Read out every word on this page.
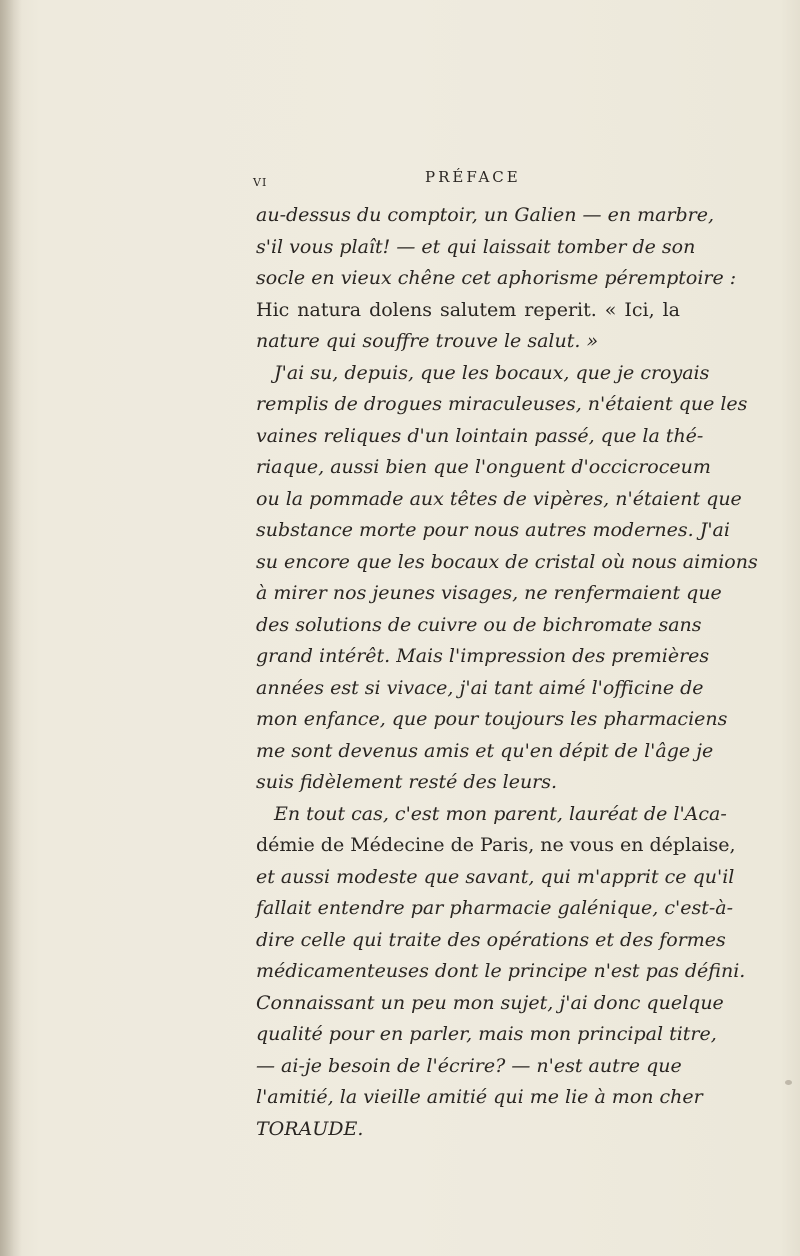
VI	PRÉFACE
au-dessus du comptoir, un Galien — en marbre,
s'il vous plaît! — et qui laissait tomber de son
socle en vieux chêne cet aphorisme péremptoire :
Hic natura dolens salutem reperit. « Ici, la
nature qui souffre trouve le salut. »
J'ai su, depuis, que les bocaux, que je croyais
remplis de drogues miraculeuses, n'étaient que les
vaines reliques d'un lointain passé, que la thé-
riaque, aussi bien que l'onguent d'occicroceum
ou la pommade aux têtes de vipères, n'étaient que
substance morte pour nous autres modernes. J'ai
su encore que les bocaux de cristal où nous aimions
à mirer nos jeunes visages, ne renfermaient que
des solutions de cuivre ou de bichromate sans
grand intérêt. Mais l'impression des premières
années est si vivace, j'ai tant aimé l'officine de
mon enfance, que pour toujours les pharmaciens
me sont devenus amis et qu'en dépit de l'âge je
suis fidèlement resté des leurs.
En tout cas, c'est mon parent, lauréat de l'Aca-
démie de Médecine de Paris, ne vous en déplaise,
et aussi modeste que savant, qui m'apprit ce qu'il
fallait entendre par pharmacie galénique, c'est-à-
dire celle qui traite des opérations et des formes
médicamenteuses dont le principe n'est pas défini.
Connaissant un peu mon sujet, j'ai donc quelque
qualité pour en parler, mais mon principal titre,
— ai-je besoin de l'écrire? — n'est autre que
l'amitié, la vieille amitié qui me lie à mon cher
TORAUDE.
